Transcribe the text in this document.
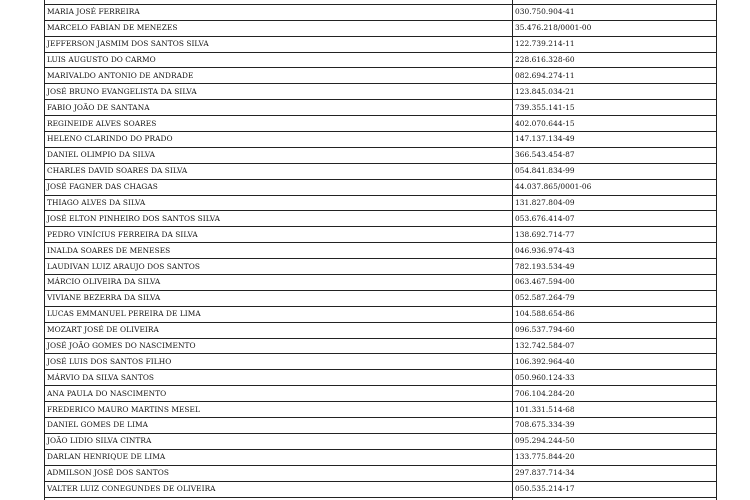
MARIA JOSÉ FERREIRA	030.750.904-41
MARCELO FABIAN DE MENEZES	35.476.218/0001-00
JEFFERSON JASMIM DOS SANTOS SILVA	122.739.214-11
LUIS AUGUSTO DO CARMO	228.616.328-60
MARIVALDO ANTONIO DE ANDRADE	082.694.274-11
JOSÉ BRUNO EVANGELISTA DA SILVA	123.845.034-21
FABIO JOÃO DE SANTANA	739.355.141-15
REGINEIDE ALVES SOARES	402.070.644-15
HELENO CLARINDO DO PRADO	147.137.134-49
DANIEL OLIMPIO DA SILVA	366.543.454-87
CHARLES DAVID SOARES DA SILVA	054.841.834-99
JOSÉ FAGNER DAS CHAGAS	44.037.865/0001-06
THIAGO ALVES DA SILVA	131.827.804-09
JOSÉ ELTON PINHEIRO DOS SANTOS SILVA	053.676.414-07
PEDRO VINÍCIUS FERREIRA DA SILVA	138.692.714-77
INALDA SOARES DE MENESES	046.936.974-43
LAUDIVAN LUIZ ARAUJO DOS SANTOS	782.193.534-49
MÁRCIO OLIVEIRA DA SILVA	063.467.594-00
VIVIANE BEZERRA DA SILVA	052.587.264-79
LUCAS EMMANUEL PEREIRA DE LIMA	104.588.654-86
MOZART JOSÉ DE OLIVEIRA	096.537.794-60
JOSÉ JOÃO GOMES DO NASCIMENTO	132.742.584-07
JOSÉ LUIS DOS SANTOS FILHO	106.392.964-40
MÁRVIO DA SILVA SANTOS	050.960.124-33
ANA PAULA DO NASCIMENTO	706.104.284-20
FREDERICO MAURO MARTINS MESEL	101.331.514-68
DANIEL GOMES DE LIMA	708.675.334-39
JOÃO LIDIO SILVA CINTRA	095.294.244-50
DARLAN HENRIQUE DE LIMA	133.775.844-20
ADMILSON JOSÉ DOS SANTOS	297.837.714-34
VALTER LUIZ CONEGUNDES DE OLIVEIRA	050.535.214-17
